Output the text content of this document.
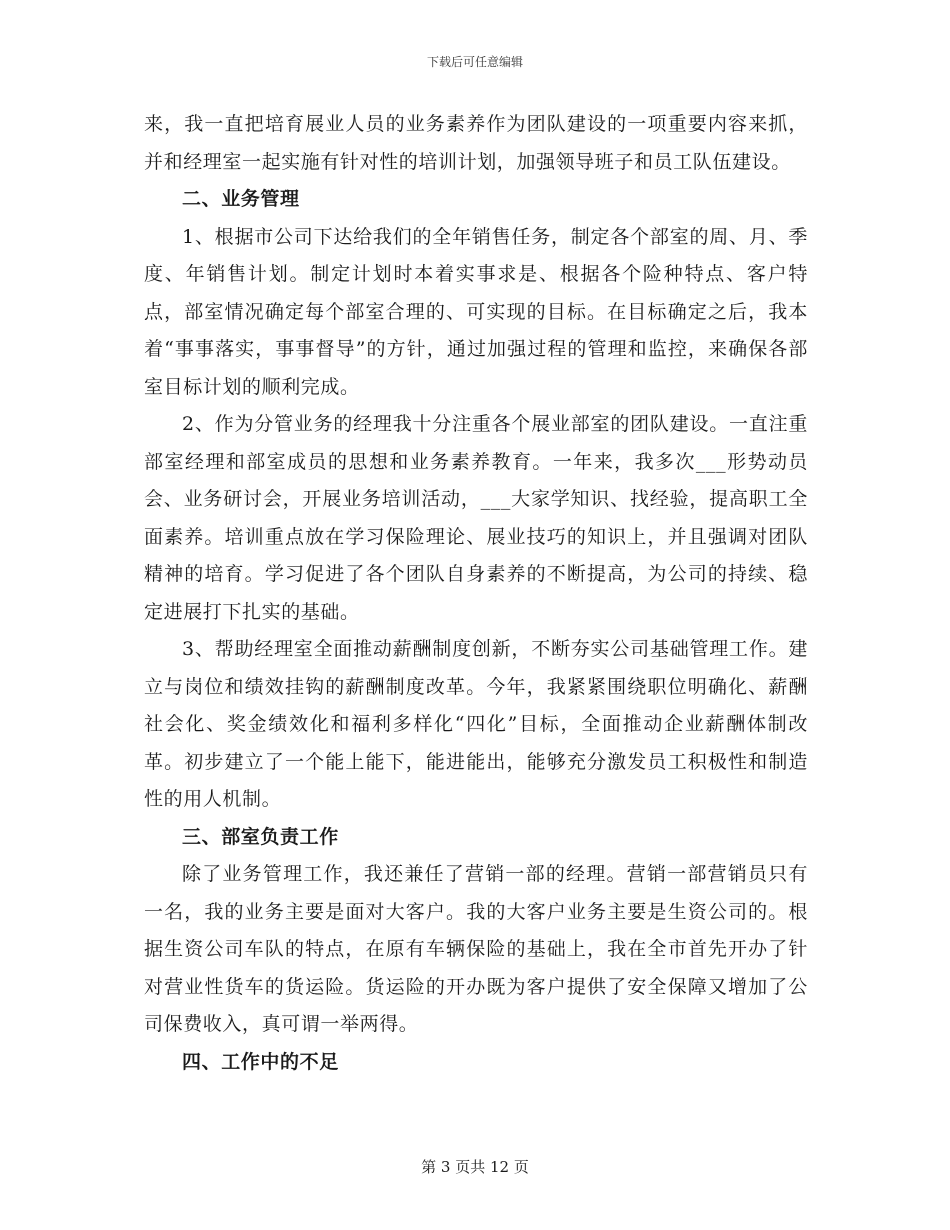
下载后可任意编辑

来，我一直把培育展业人员的业务素养作为团队建设的一项重要内容来抓，并和经理室一起实施有针对性的培训计划，加强领导班子和员工队伍建设。

二、业务管理

1、根据市公司下达给我们的全年销售任务，制定各个部室的周、月、季度、年销售计划。制定计划时本着实事求是、根据各个险种特点、客户特点，部室情况确定每个部室合理的、可实现的目标。在目标确定之后，我本着“事事落实，事事督导”的方针，通过加强过程的管理和监控，来确保各部室目标计划的顺利完成。

2、作为分管业务的经理我十分注重各个展业部室的团队建设。一直注重部室经理和部室成员的思想和业务素养教育。一年来，我多次___形势动员会、业务研讨会，开展业务培训活动，___大家学知识、找经验，提高职工全面素养。培训重点放在学习保险理论、展业技巧的知识上，并且强调对团队精神的培育。学习促进了各个团队自身素养的不断提高，为公司的持续、稳定进展打下扎实的基础。

3、帮助经理室全面推动薪酬制度创新，不断夯实公司基础管理工作。建立与岗位和绩效挂钩的薪酬制度改革。今年，我紧紧围绕职位明确化、薪酬社会化、奖金绩效化和福利多样化“四化”目标，全面推动企业薪酬体制改革。初步建立了一个能上能下，能进能出，能够充分激发员工积极性和制造性的用人机制。

三、部室负责工作

除了业务管理工作，我还兼任了营销一部的经理。营销一部营销员只有一名，我的业务主要是面对大客户。我的大客户业务主要是生资公司的。根据生资公司车队的特点，在原有车辆保险的基础上，我在全市首先开办了针对营业性货车的货运险。货运险的开办既为客户提供了安全保障又增加了公司保费收入，真可谓一举两得。

四、工作中的不足
第 3 页共 12 页
